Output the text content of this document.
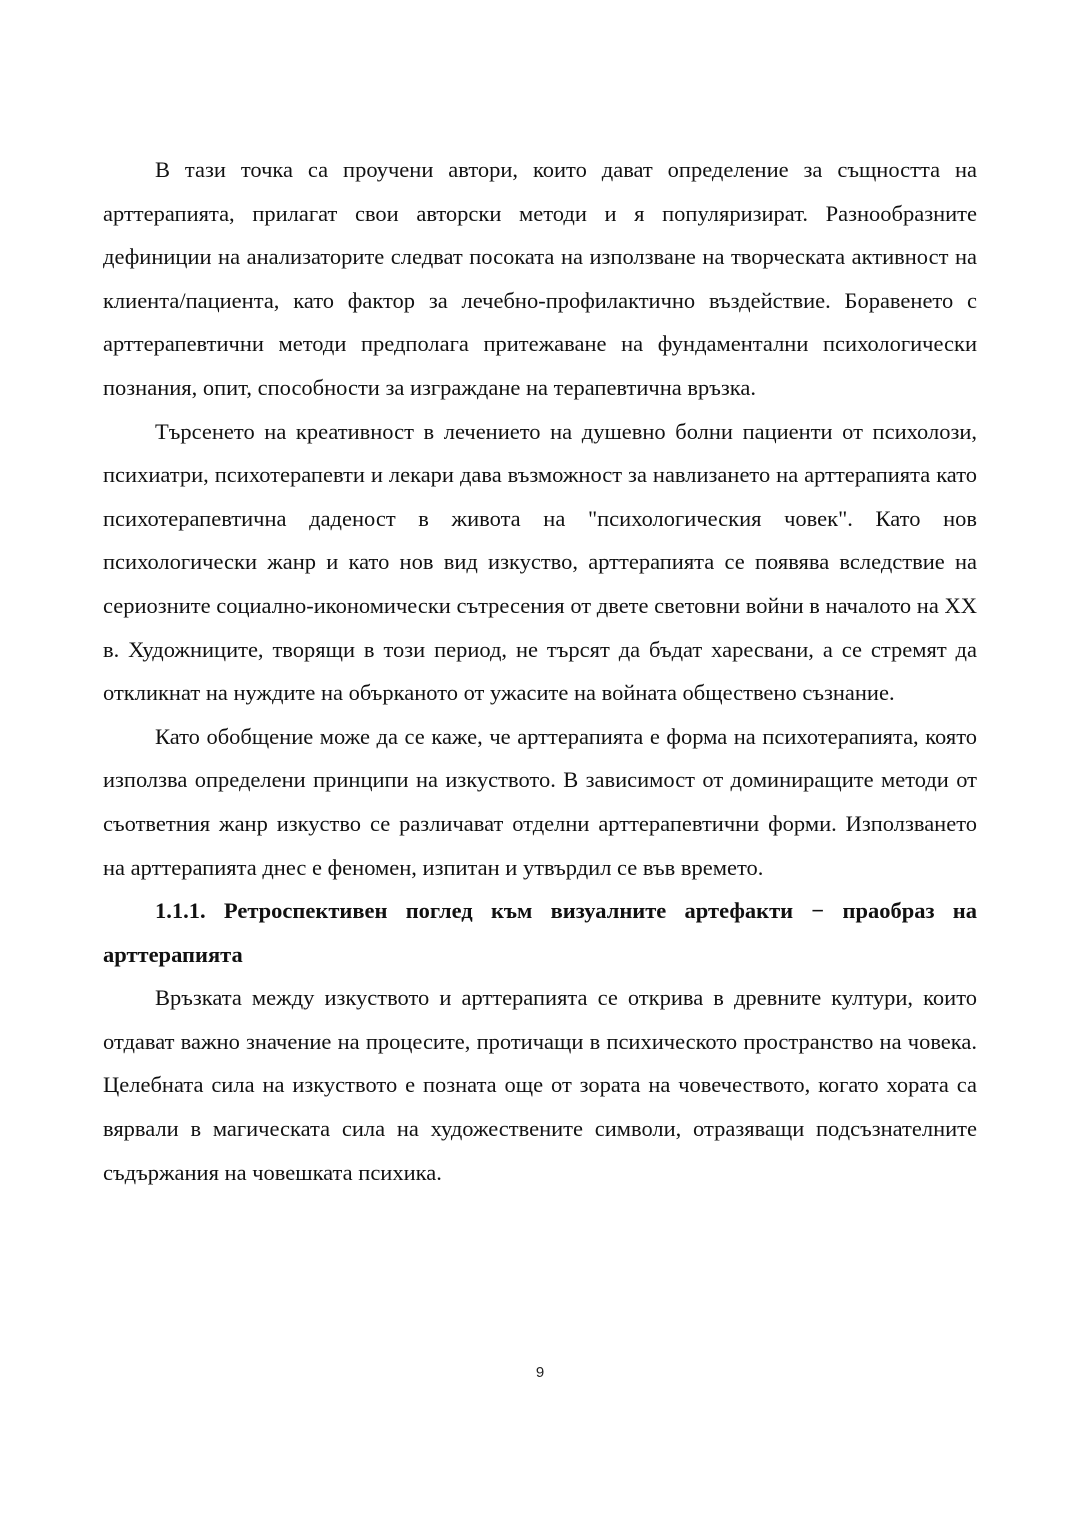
В тази точка са проучени автори, които дават определение за същността на арттерапията, прилагат свои авторски методи и я популяризират. Разнообразните дефиниции на анализаторите следват посоката на използване на творческата активност на клиента/пациента, като фактор за лечебно-профилактично въздействие. Боравенето с арттерапевтични методи предполага притежаване на фундаментални психологически познания, опит, способности за изграждане на терапевтична връзка.

Търсенето на креативност в лечението на душевно болни пациенти от психолози, психиатри, психотерапевти и лекари дава възможност за навлизането на арттерапията като психотерапевтична даденост в живота на "психологическия човек". Като нов психологически жанр и като нов вид изкуство, арттерапията се появява вследствие на сериозните социално-икономически сътресения от двете световни войни в началото на XX в. Художниците, творящи в този период, не търсят да бъдат харесвани, а се стремят да откликнат на нуждите на обърканото от ужасите на войната обществено съзнание.

Като обобщение може да се каже, че арттерапията е форма на психотерапията, която използва определени принципи на изкуството. В зависимост от доминиращите методи от съответния жанр изкуство се различават отделни арттерапевтични форми. Използването на арттерапията днес е феномен, изпитан и утвърдил се във времето.

1.1.1. Ретроспективен поглед към визуалните артефакти − праобраз на арттерапията

Връзката между изкуството и арттерапията се открива в древните култури, които отдават важно значение на процесите, протичащи в психическото пространство на човека. Целебната сила на изкуството е позната още от зората на човечеството, когато хората са вярвали в магическата сила на художествените символи, отразяващи подсъзнателните съдържания на човешката психика.

9
